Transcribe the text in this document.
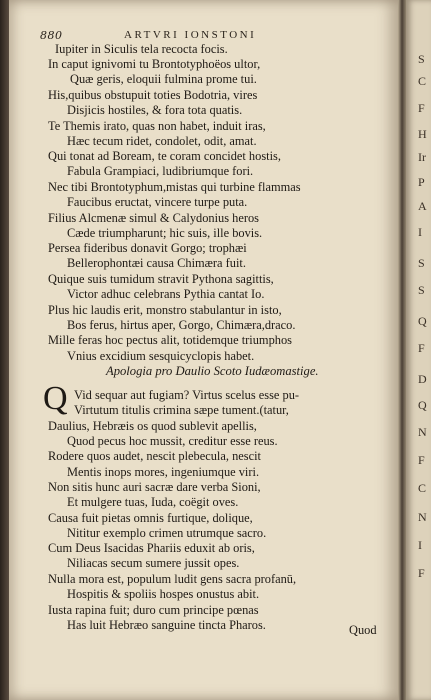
880	ARTVRI IONSTONI
Iupiter in Siculis tela recocta focis.
In caput ignivomi tu Brontotyphoëos ultor,
Quæ geris, eloquii fulmina prome tui.
His,quibus obstupuit toties Bodotria, vires
Disjicis hostiles, & fora tota quatis.
Te Themis irato, quas non habet, induit iras,
Hæc tecum ridet, condolet, odit, amat.
Qui tonat ad Boream, te coram concidet hostis,
Fabula Grampiaci, ludibriumque fori.
Nec tibi Brontotyphum,mistas qui turbine flammas
Faucibus eructat, vincere turpe puta.
Filius Alcmenæ simul & Calydonius heros
Cæde triumpharunt; hic suis, ille bovis.
Persea fideribus donavit Gorgo; trophæi
Bellerophontæi causa Chimæra fuit.
Quique suis tumidum stravit Pythona sagittis,
Victor adhuc celebrans Pythia cantat Io.
Plus hic laudis erit, monstro stabulantur in isto,
Bos ferus, hirtus aper, Gorgo, Chimæra,draco.
Mille feras hoc pectus alit, totidemque triumphos
Vnius excidium sesquicyclopis habet.
Apologia pro Daulio Scoto Iudæomastige.
Q Vid sequar aut fugiam? Virtus scelus esse pu-
Virtutum titulis crimina sæpe tument.(tatur,
Daulius, Hebræis os quod sublevit apellis,
Quod pecus hoc mussit, creditur esse reus.
Rodere quos audet, nescit plebecula, nescit
Mentis inops mores, ingeniumque viri.
Non sitis hunc auri sacræ dare verba Sioni,
Et mulgere tuas, Iuda, coëgit oves.
Causa fuit pietas omnis furtique, dolique,
Nititur exemplo crimen utrumque sacro.
Cum Deus Isacidas Phariis eduxit ab oris,
Niliacas secum sumere jussit opes.
Nulla mora est, populum ludit gens sacra profanū,
Hospitis & spoliis hospes onustus abit.
Iusta rapina fuit; duro cum principe pœnas
Has luit Hebræo sanguine tincta Pharos.	Quod
S
C
F
H
Ir
P
A
I
S
S
Q
F
D
Q
N
F
C
N
I
F
